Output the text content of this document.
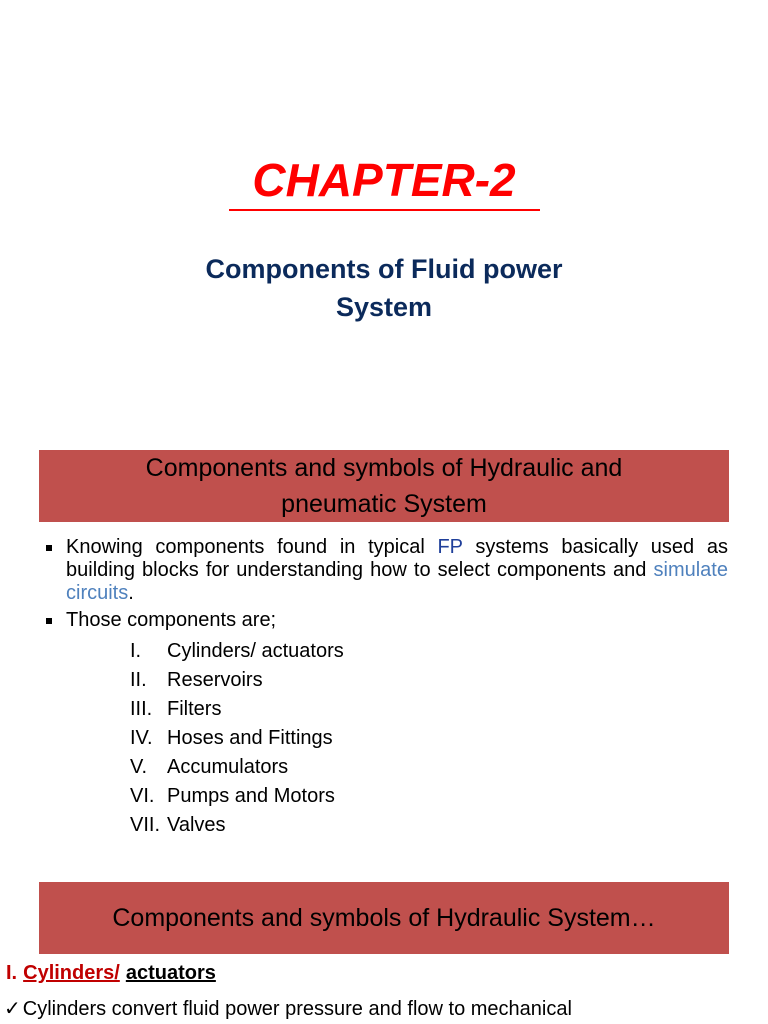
CHAPTER-2
Components of Fluid power
System
Components and symbols of Hydraulic and
pneumatic System
Knowing components found in typical FP systems basically used as building blocks for understanding how to select components and simulate circuits.
Those components are;
I.	Cylinders/ actuators
II.	Reservoirs
III. Filters
IV. Hoses and Fittings
V. Accumulators
VI. Pumps and Motors
VII. Valves
Components and symbols of Hydraulic System…
I. Cylinders/ actuators
✓ Cylinders convert fluid power pressure and flow to mechanical
